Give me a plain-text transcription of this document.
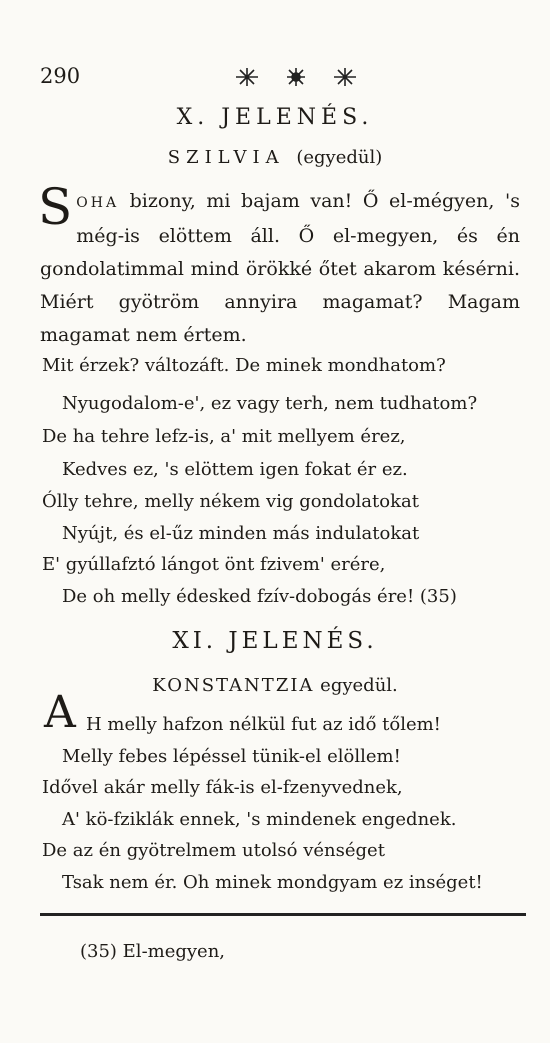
290
X. JELENÉS.
SZILVIA (egyedül)

S OHA bizony, mi bajam van! Ő el-mégyen, 's még-is elöttem áll. Ő el-megyen, és én gondolatimmal mind örökké őtet akarom késérni. Miért gyötröm annyira magamat? Magam magamat nem értem.

Mit érzek? változáft. De minek mondhatom?
Nyugodalom-e', ez vagy terh, nem tudhatom?
De ha tehre lefz-is, a' mit mellyem érez,
Kedves ez, 's elöttem igen fokat ér ez.
Ólly tehre, melly nékem vig gondolatokat
Nyújt, és el-űz minden más indulatokat
E' gyúllafztó lángot önt fzivem' erére,
De oh melly édesked fzív-dobogás ére! (35)
XI. JELENÉS.
KONSTANTZIA egyedül.
A H melly hafzon nélkül fut az idő tőlem!
Melly febes lépéssel tünik-el elöllem!
Idővel akár melly fák-is el-fzenyvednek,
A' kö-fziklák ennek, 's mindenek engednek.
De az én gyötrelmem utolsó vénséget
Tsak nem ér. Oh minek mondgyam ez inséget!
(35) El-megyen,
